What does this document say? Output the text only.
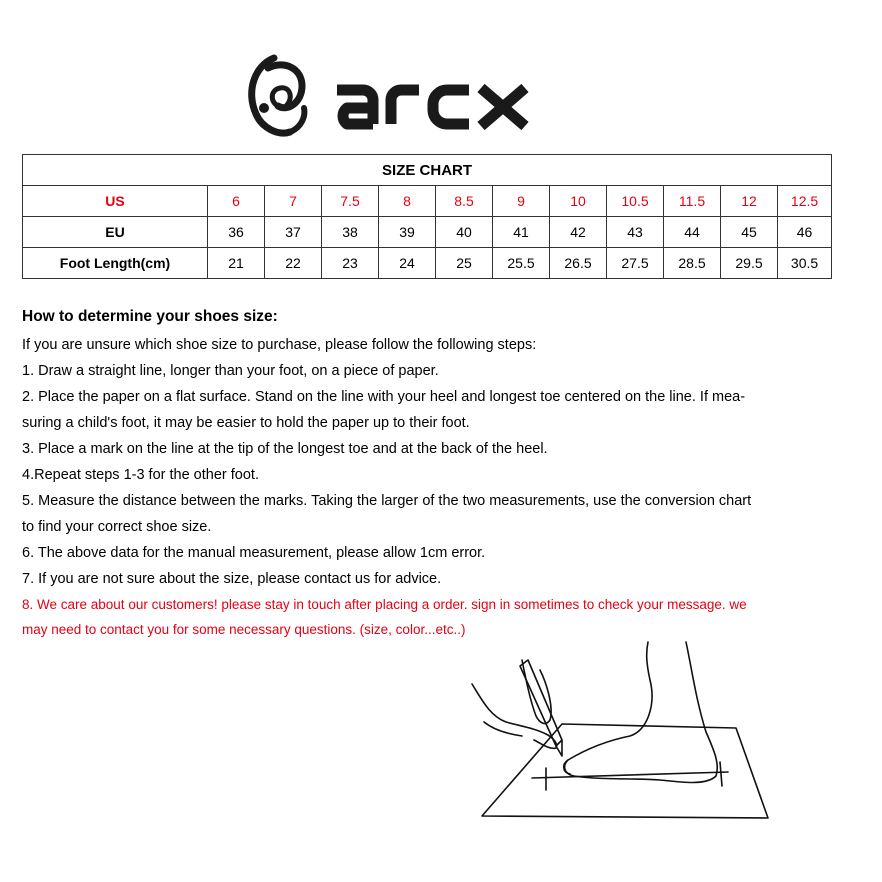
SIZE CHART											
US	6	7	7.5	8	8.5	9	10	10.5	11.5	12	12.5
EU	36	37	38	39	40	41	42	43	44	45	46
Foot Length(cm)	21	22	23	24	25	25.5	26.5	27.5	28.5	29.5	30.5

How to determine your shoes size:

If you are unsure which shoe size to purchase, please follow the following steps:

1. Draw a straight line, longer than your foot, on a piece of paper.

2. Place the paper on a flat surface. Stand on the line with your heel and longest toe centered on the line. If mea-

suring a child's foot, it may be easier to hold the paper up to their foot.

3. Place a mark on the line at the tip of the longest toe and at the back of the heel.

4.Repeat steps 1-3 for the other foot.

5. Measure the distance between the marks. Taking the larger of the two measurements, use the conversion chart

to find your correct shoe size.

6. The above data for the manual measurement, please allow 1cm error.

7. If you are not sure about the size, please contact us for advice.

8. We care about our customers! please stay in touch after placing a order. sign in sometimes to check your message. we

may need to contact you for some necessary questions. (size, color...etc..)
